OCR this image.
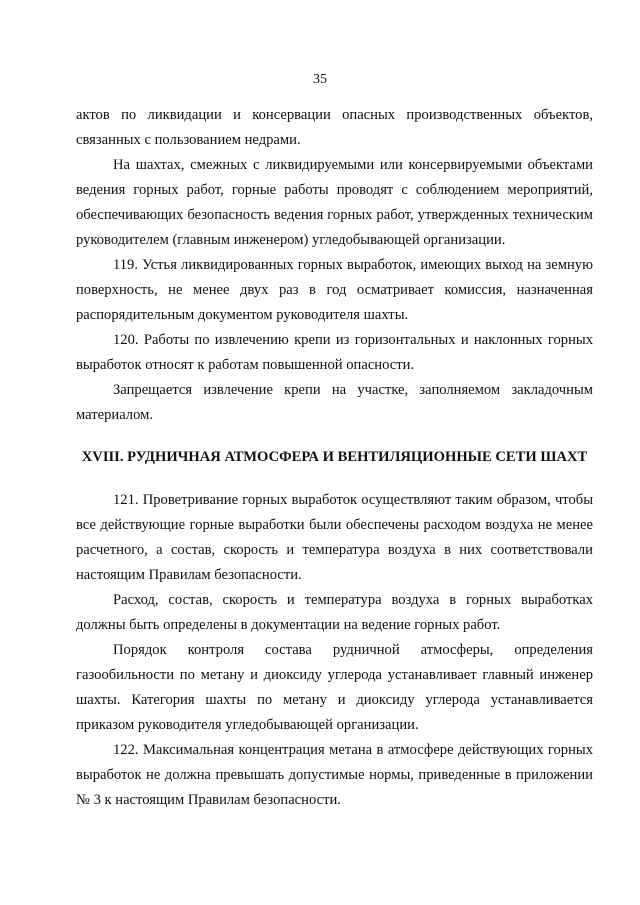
35

актов по ликвидации и консервации опасных производственных объектов,

связанных с пользованием недрами.

На шахтах, смежных с ликвидируемыми или консервируемыми объектами ведения горных работ, горные работы проводят с соблюдением мероприятий, обеспечивающих безопасность ведения горных работ, утвержденных техническим руководителем (главным инженером) угледобывающей организации.

119. Устья ликвидированных горных выработок, имеющих выход на земную поверхность, не менее двух раз в год осматривает комиссия, назначенная распорядительным документом руководителя шахты.

120. Работы по извлечению крепи из горизонтальных и наклонных горных выработок относят к работам повышенной опасности.

Запрещается извлечение крепи на участке, заполняемом закладочным материалом.

XVIII. РУДНИЧНАЯ АТМОСФЕРА И ВЕНТИЛЯЦИОННЫЕ СЕТИ ШАХТ

121. Проветривание горных выработок осуществляют таким образом, чтобы все действующие горные выработки были обеспечены расходом воздуха не менее расчетного, а состав, скорость и температура воздуха в них соответствовали настоящим Правилам безопасности.

Расход, состав, скорость и температура воздуха в горных выработках должны быть определены в документации на ведение горных работ.

Порядок контроля состава рудничной атмосферы, определения газообильности по метану и диоксиду углерода устанавливает главный инженер шахты. Категория шахты по метану и диоксиду углерода устанавливается приказом руководителя угледобывающей организации.

122. Максимальная концентрация метана в атмосфере действующих горных выработок не должна превышать допустимые нормы, приведенные в приложении № 3 к настоящим Правилам безопасности.
